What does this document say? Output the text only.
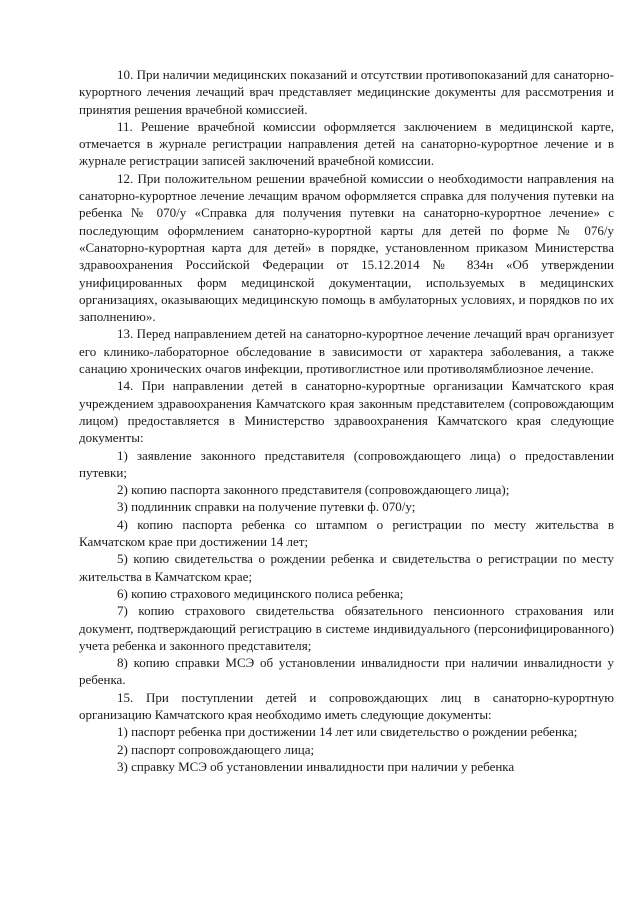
10. При наличии медицинских показаний и отсутствии противопоказаний для санаторно-курортного лечения лечащий врач представляет медицинские документы для рассмотрения и принятия решения врачебной комиссией.

11. Решение врачебной комиссии оформляется заключением в медицинской карте, отмечается в журнале регистрации направления детей на санаторно-курортное лечение и в журнале регистрации записей заключений врачебной комиссии.

12. При положительном решении врачебной комиссии о необходимости направления на санаторно-курортное лечение лечащим врачом оформляется справка для получения путевки на ребенка № 070/у «Справка для получения путевки на санаторно-курортное лечение» с последующим оформлением санаторно-курортной карты для детей по форме № 076/у «Санаторно-курортная карта для детей» в порядке, установленном приказом Министерства здравоохранения Российской Федерации от 15.12.2014 № 834н «Об утверждении унифицированных форм медицинской документации, используемых в медицинских организациях, оказывающих медицинскую помощь в амбулаторных условиях, и порядков по их заполнению».

13. Перед направлением детей на санаторно-курортное лечение лечащий врач организует его клинико-лабораторное обследование в зависимости от характера заболевания, а также санацию хронических очагов инфекции, противоглистное или противолямблиозное лечение.

14. При направлении детей в санаторно-курортные организации Камчатского края учреждением здравоохранения Камчатского края законным представителем (сопровождающим лицом) предоставляется в Министерство здравоохранения Камчатского края следующие документы:

1) заявление законного представителя (сопровождающего лица) о предоставлении путевки;

2) копию паспорта законного представителя (сопровождающего лица);

3) подлинник справки на получение путевки ф. 070/у;

4) копию паспорта ребенка со штампом о регистрации по месту жительства в Камчатском крае при достижении 14 лет;

5) копию свидетельства о рождении ребенка и свидетельства о регистрации по месту жительства в Камчатском крае;

6) копию страхового медицинского полиса ребенка;

7) копию страхового свидетельства обязательного пенсионного страхования или документ, подтверждающий регистрацию в системе индивидуального (персонифицированного) учета ребенка и законного представителя;

8) копию справки МСЭ об установлении инвалидности при наличии инвалидности у ребенка.

15. При поступлении детей и сопровождающих лиц в санаторно-курортную организацию Камчатского края необходимо иметь следующие документы:

1) паспорт ребенка при достижении 14 лет или свидетельство о рождении ребенка;

2) паспорт сопровождающего лица;

3) справку МСЭ об установлении инвалидности при наличии у ребенка
